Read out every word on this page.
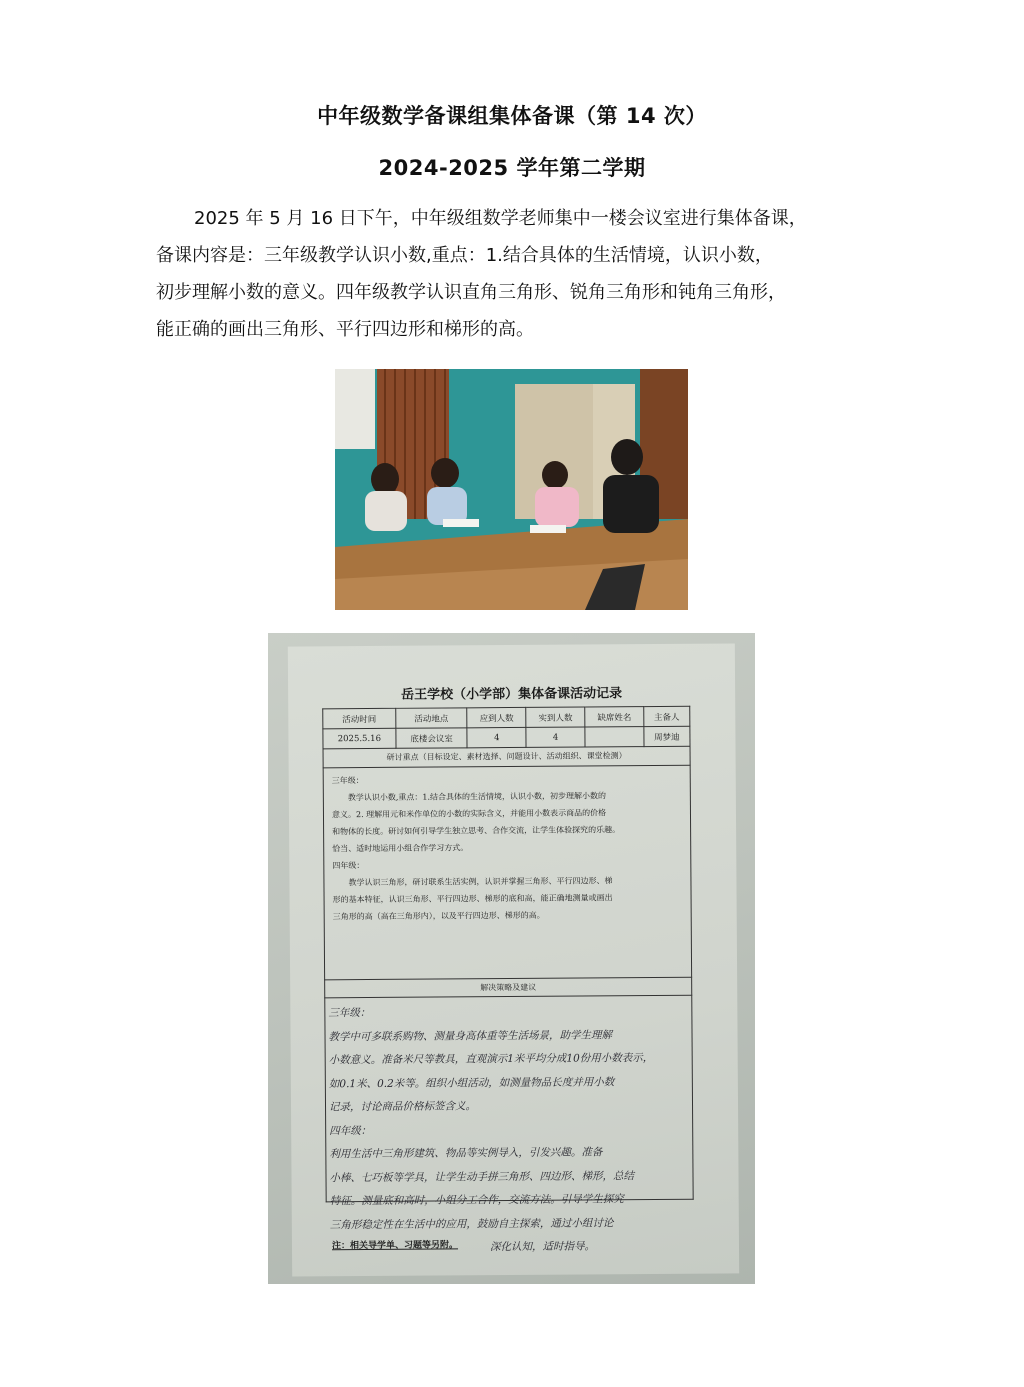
中年级数学备课组集体备课（第 14 次）
2024-2025 学年第二学期
2025 年 5 月 16 日下午，中年级组数学老师集中一楼会议室进行集体备课，
备课内容是：三年级教学认识小数,重点：1.结合具体的生活情境，认识小数，
初步理解小数的意义。四年级教学认识直角三角形、锐角三角形和钝角三角形，
能正确的画出三角形、平行四边形和梯形的高。
岳王学校（小学部）集体备课活动记录
活动时间	活动地点	应到人数	实到人数	缺席姓名	主备人
2025.5.16	底楼会议室	4	4		周梦迪
研讨重点（目标设定、素材选择、问题设计、活动组织、课堂检测）
三年级：
教学认识小数,重点：1.结合具体的生活情境，认识小数，初步理解小数的
意义。2. 理解用元和米作单位的小数的实际含义，并能用小数表示商品的价格
和物体的长度。研讨如何引导学生独立思考、合作交流，让学生体验探究的乐趣。
恰当、适时地运用小组合作学习方式。
四年级：
教学认识三角形，研讨联系生活实例，认识并掌握三角形、平行四边形、梯
形的基本特征，认识三角形、平行四边形、梯形的底和高，能正确地测量或画出
三角形的高（高在三角形内），以及平行四边形、梯形的高。
解决策略及建议
三年级：
教学中可多联系购物、测量身高体重等生活场景，助学生理解
小数意义。准备米尺等教具，直观演示1米平均分成10份用小数表示，
如0.1米、0.2米等。组织小组活动，如测量物品长度并用小数
记录，讨论商品价格标签含义。
四年级：
利用生活中三角形建筑、物品等实例导入，引发兴趣。准备
小棒、七巧板等学具，让学生动手拼三角形、四边形、梯形，总结
特征。测量底和高时，小组分工合作，交流方法。引导学生探究
三角形稳定性在生活中的应用，鼓励自主探索，通过小组讨论
深化认知，适时指导。
注：相关导学单、习题等另附。
